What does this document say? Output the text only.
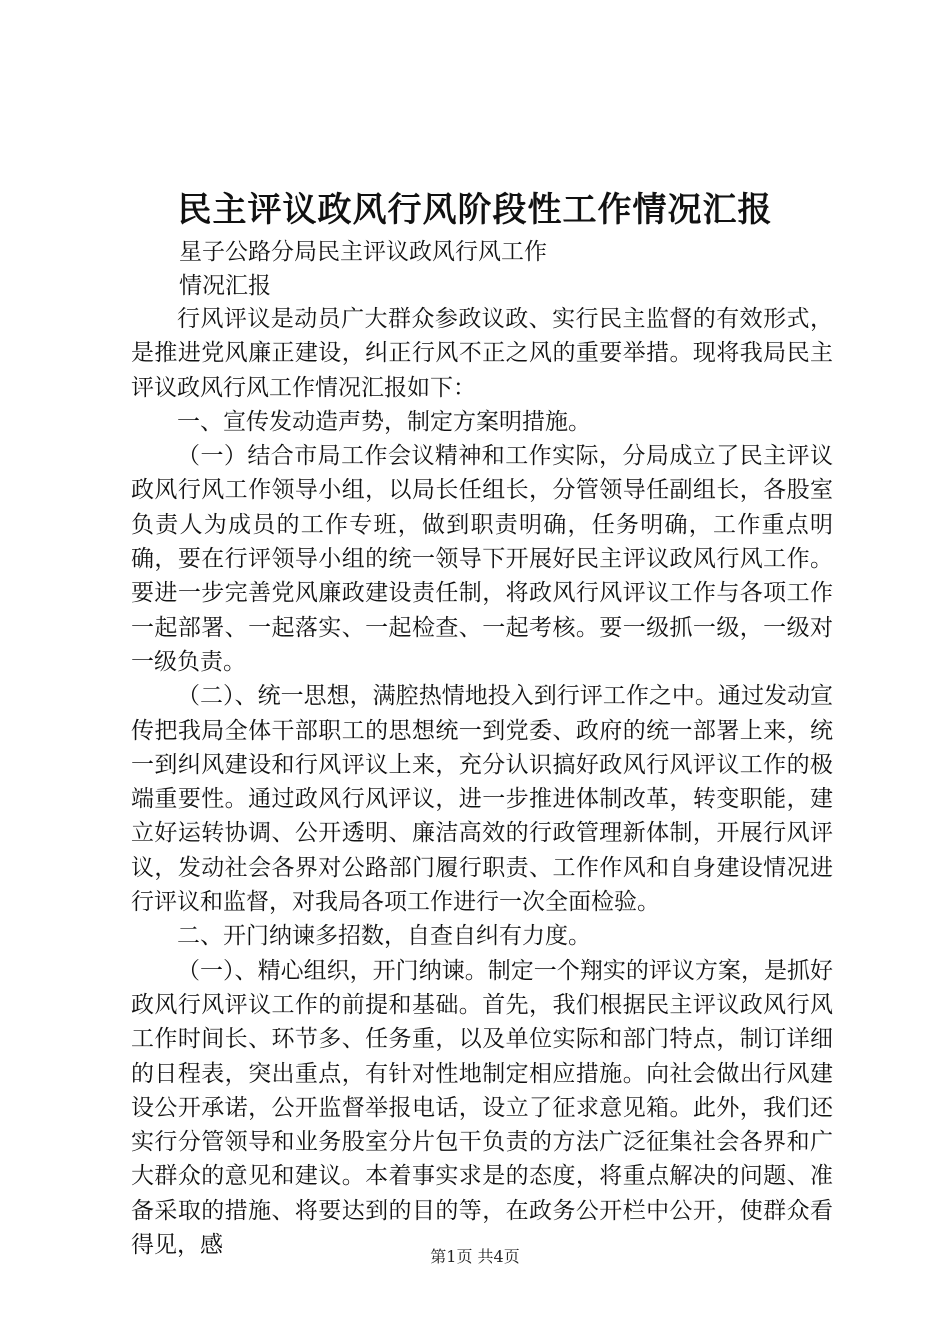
民主评议政风行风阶段性工作情况汇报
星子公路分局民主评议政风行风工作
情况汇报

行风评议是动员广大群众参政议政、实行民主监督的有效形式，是推进党风廉正建设，纠正行风不正之风的重要举措。现将我局民主评议政风行风工作情况汇报如下：

一、宣传发动造声势，制定方案明措施。

（一）结合市局工作会议精神和工作实际，分局成立了民主评议政风行风工作领导小组，以局长任组长，分管领导任副组长，各股室负责人为成员的工作专班，做到职责明确，任务明确，工作重点明确，要在行评领导小组的统一领导下开展好民主评议政风行风工作。要进一步完善党风廉政建设责任制，将政风行风评议工作与各项工作一起部署、一起落实、一起检查、一起考核。要一级抓一级，一级对一级负责。

（二）、统一思想，满腔热情地投入到行评工作之中。通过发动宣传把我局全体干部职工的思想统一到党委、政府的统一部署上来，统一到纠风建设和行风评议上来，充分认识搞好政风行风评议工作的极端重要性。通过政风行风评议，进一步推进体制改革，转变职能，建立好运转协调、公开透明、廉洁高效的行政管理新体制，开展行风评议，发动社会各界对公路部门履行职责、工作作风和自身建设情况进行评议和监督，对我局各项工作进行一次全面检验。

二、开门纳谏多招数，自查自纠有力度。

（一）、精心组织，开门纳谏。制定一个翔实的评议方案，是抓好政风行风评议工作的前提和基础。首先，我们根据民主评议政风行风工作时间长、环节多、任务重，以及单位实际和部门特点，制订详细的日程表，突出重点，有针对性地制定相应措施。向社会做出行风建设公开承诺，公开监督举报电话，设立了征求意见箱。此外，我们还实行分管领导和业务股室分片包干负责的方法广泛征集社会各界和广大群众的意见和建议。本着事实求是的态度，将重点解决的问题、准备采取的措施、将要达到的目的等，在政务公开栏中公开，使群众看得见，感	第1页 共4页
